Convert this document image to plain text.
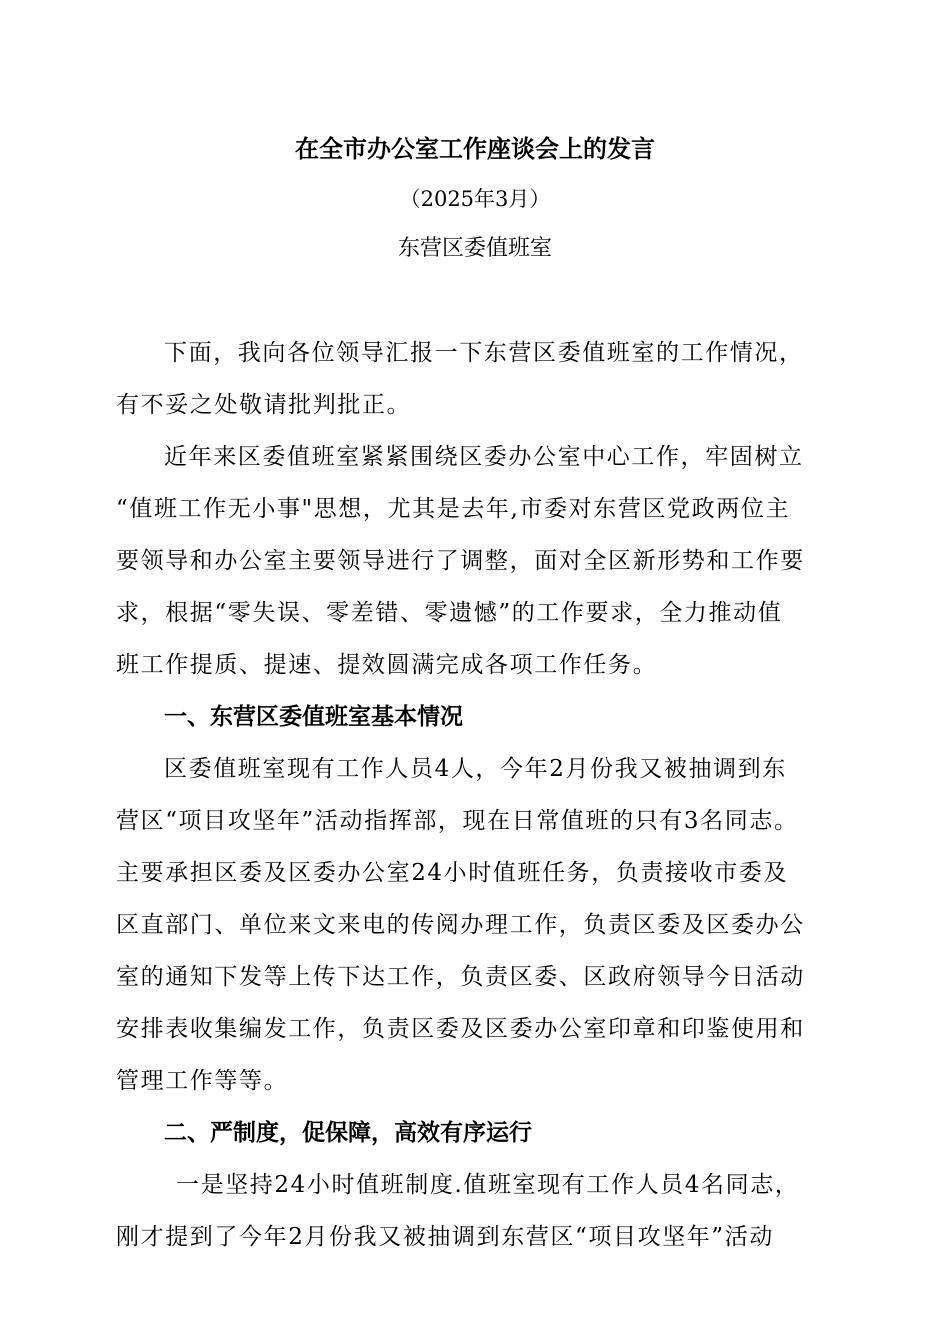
在全市办公室工作座谈会上的发言
（2025年3月）
东营区委值班室
下面，我向各位领导汇报一下东营区委值班室的工作情况，
有不妥之处敬请批判批正。
近年来区委值班室紧紧围绕区委办公室中心工作，牢固树立
“值班工作无小事"思想，尤其是去年,市委对东营区党政两位主
要领导和办公室主要领导进行了调整，面对全区新形势和工作要
求，根据“零失误、零差错、零遗憾”的工作要求，全力推动值
班工作提质、提速、提效圆满完成各项工作任务。
一、东营区委值班室基本情况
区委值班室现有工作人员4人，今年2月份我又被抽调到东
营区“项目攻坚年”活动指挥部，现在日常值班的只有3名同志。
主要承担区委及区委办公室24小时值班任务，负责接收市委及
区直部门、单位来文来电的传阅办理工作，负责区委及区委办公
室的通知下发等上传下达工作，负责区委、区政府领导今日活动
安排表收集编发工作，负责区委及区委办公室印章和印鉴使用和
管理工作等等。
二、严制度，促保障，高效有序运行
一是坚持24小时值班制度.值班室现有工作人员4名同志，
刚才提到了今年2月份我又被抽调到东营区“项目攻坚年”活动
